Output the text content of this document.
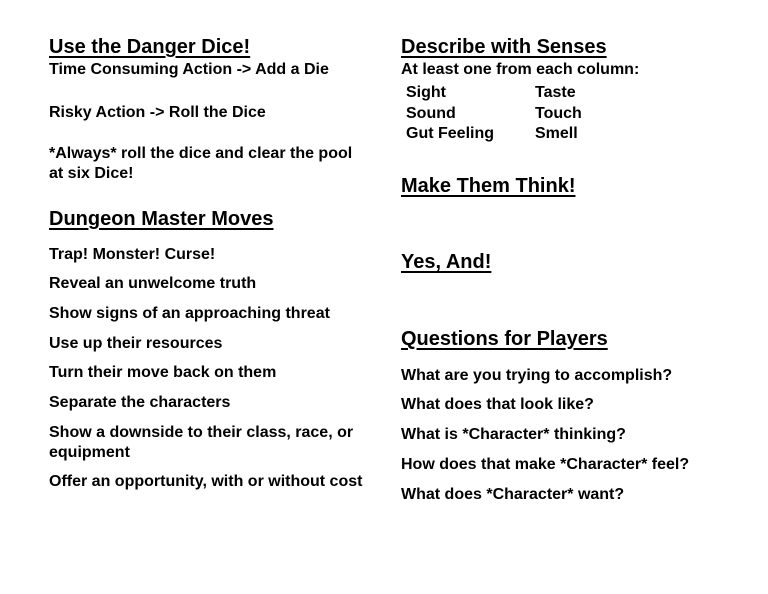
Use the Danger Dice!
Time Consuming Action -> Add a Die
Risky Action -> Roll the Dice
*Always* roll the dice and clear the pool at six Dice!
Dungeon Master Moves
Trap! Monster! Curse!
Reveal an unwelcome truth
Show signs of an approaching threat
Use up their resources
Turn their move back on them
Separate the characters
Show a downside to their class, race, or equipment
Offer an opportunity, with or without cost
Describe with Senses
At least one from each column:
Sight	Taste
Sound	Touch
Gut Feeling	Smell
Make Them Think!
Yes, And!
Questions for Players
What are you trying to accomplish?
What does that look like?
What is *Character* thinking?
How does that make *Character* feel?
What does *Character* want?
